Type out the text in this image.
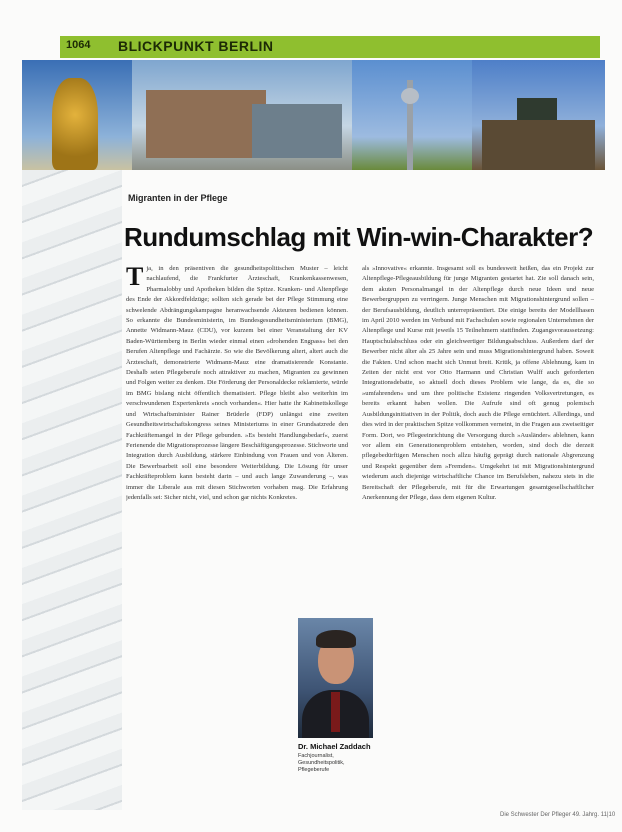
1064 BLICKPUNKT BERLIN
Migranten in der Pflege
Rundumschlag mit Win-win-Charakter?
T ja, in den präsentiven die gesundheitspolitischen Muster – leicht nachlaufend, die Frankfurter Ärzteschaft, Krankenkassenwesen, Pharmalobby und Apotheken bilden die Spitze. Kranken- und Altenpflege des Ende der Akkordfeldzüge; sollten sich gerade bei der Pflege Stimmung eine schwelende Abdrängungskampagne heranwachsende Akteuren bedienen können. So erkannte die Bundesministerin, im Bundesgesundheitsministerium (BMG), Annette Widmann-Mauz (CDU), vor kurzem bei einer Veranstaltung der KV Baden-Württemberg in Berlin wieder einmal einen »drohenden Engpass« bei den Berufen Altenpflege und Fachärzte. So wie die Bevölkerung altert, altert auch die Ärzteschaft, demonstrierte Widmann-Mauz eine dramatisierende Konstante. Deshalb seien Pflegeberufe noch attraktiver zu machen, Migranten zu gewinnen und Folgen weiter zu denken. Die Förderung der Personaldecke reklamierte, würde im BMG bislang nicht öffentlich thematisiert. Pflege bleibt also weiterhin im verschwundenen Expertenkreis »noch vorhanden«. Hier hatte ihr Kabinettskollege und Wirtschaftsminister Rainer Brüderle (FDP) unlängst eine zweiten Gesundheitswirtschaftskongress seines Ministeriums in einer Grundsatzrede den Fachkräftemangel in der Pflege gebunden. »Es besteht Handlungsbedarf«, zuerst Ferienende die Migrationsprozesse längere Beschäftigungsprozesse. Stichworte und Integration durch Ausbildung, stärkere Einbindung von Frauen und von Älteren. Die Bewerbsarbeit soll eine besondere Weiterbildung. Die Lösung für unser Fachkräfteproblem kann besteht darin – und auch lange Zuwanderung –, was immer die Liberale aus mit diesen Stichworten vorhaben mag. Die Erfahrung jedenfalls sei: Sicher nicht, viel, und schon gar nichts Konkretes.
als »Innovative« erkannte. Insgesamt soll es bundesweit heißen, das ein Projekt zur Altenpflege-Pflegeausbildung für junge Migranten gestartet hat. Zie soll danach sein, dem akuten Personalmangel in der Altenpflege durch neue Ideen und neue Bewerbergruppen zu verringern. Junge Menschen mit Migrationshintergrund sollen – der Berufsausbildung, deutlich unterrepräsentiert. Die einige bereits der Modellhasen im April 2010 werden im Verbund mit Fachschulen sowie regionalen Unternehmen der Altenpflege und Kurse mit jeweils 15 Teilnehmern stattfinden. Zugangsvoraussetzung: Hauptschulabschluss oder ein gleichwertiger Bildungsabschluss. Außerdem darf der Bewerber nicht älter als 25 Jahre sein und muss Migrationshintergrund haben. Soweit die Fakten. Und schon macht sich Unmut breit. Kritik, ja offene Ablehnung, kam in Zeiten der nicht erst vor Otto Harmann und Christian Wulff auch geforderten Integrationsdebatte, so aktuell doch dieses Problem wie lange, da es, die so »umfahrenden« und um ihre politische Existenz ringenden Volksvertretungen, es bereits erkannt haben wollen. Die Aufrufe sind oft genug polemisch Ausbildungsinitiativen in der Politik, doch auch die Pflege ernüchtert. Allerdings, und dies wird in der praktischen Spitze vollkommen verneint, in die Fragen aus zweiseitiger Form. Dort, wo Pflegeeinrichtung die Versorgung durch »Ausländer« ablehnen, kann vor allem ein Generationenproblem entstehen, worden, sind doch die derzeit pflegebedürftigen Menschen noch allzu häufig geprägt durch nationale Abgrenzung und Respekt gegenüber dem »Fremden«. Umgekehrt ist mit Migrationshintergrund wiederum auch diejenige wirtschaftliche Chance im Berufsleben, nahezu stets in die Bereitschaft der Pflegeberufe, mit für die Erwartungen gesamtgesellschaftlicher Anerkennung der Pflege, dass dem eigenen Kultur.
Dr. Michael Zaddach
Fachjournalist, Gesundheitspolitik, Pflegeberufe
Die Schwester Der Pfleger 49. Jahrg. 11|10
